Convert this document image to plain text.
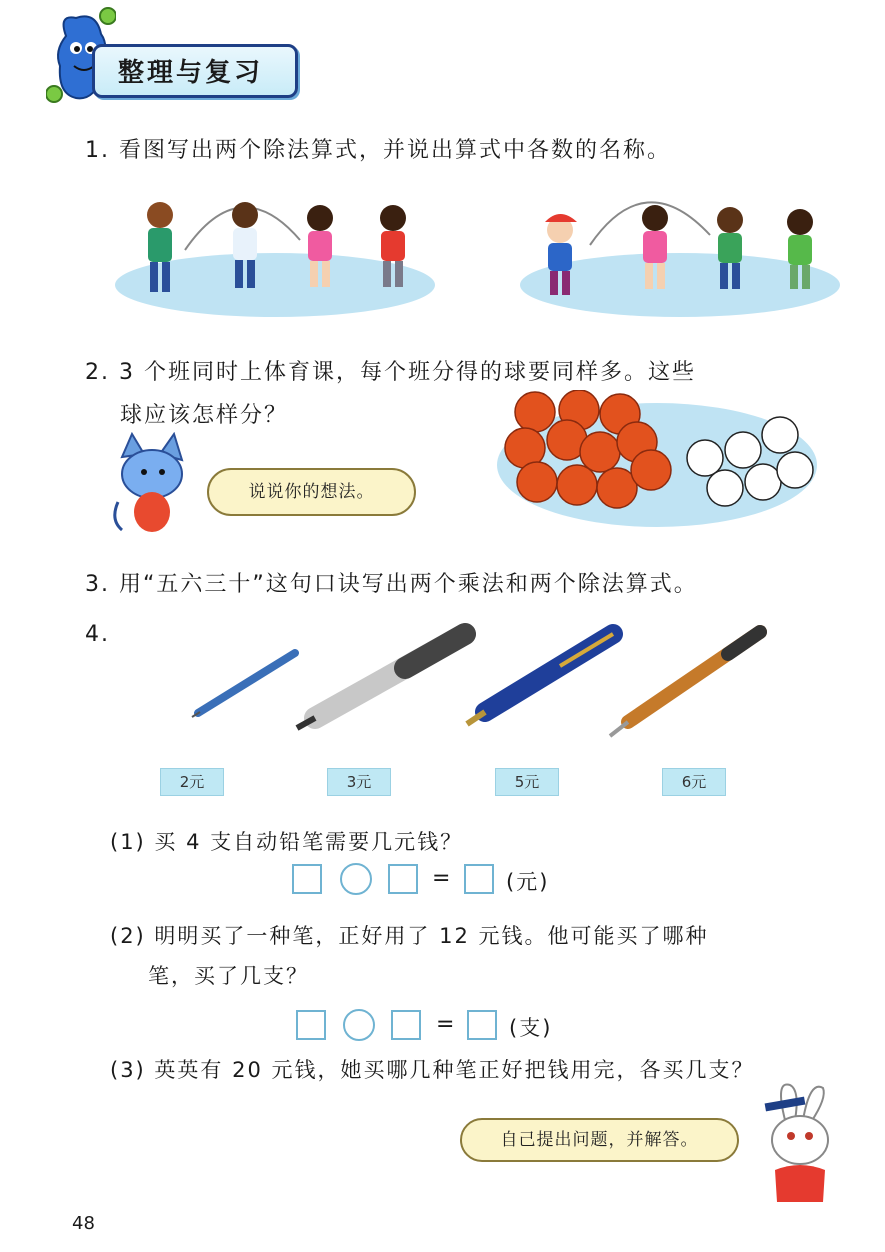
整理与复习
1. 看图写出两个除法算式，并说出算式中各数的名称。
2. 3 个班同时上体育课，每个班分得的球要同样多。这些
球应该怎样分？
说说你的想法。
3. 用“五六三十”这句口诀写出两个乘法和两个除法算式。
4.
2元	3元	5元	6元
(1) 买 4 支自动铅笔需要几元钱？
=	(元)
(2) 明明买了一种笔，正好用了 12 元钱。他可能买了哪种
笔，买了几支？
=	(支)
(3) 英英有 20 元钱，她买哪几种笔正好把钱用完，各买几支？
自己提出问题，并解答。
48
